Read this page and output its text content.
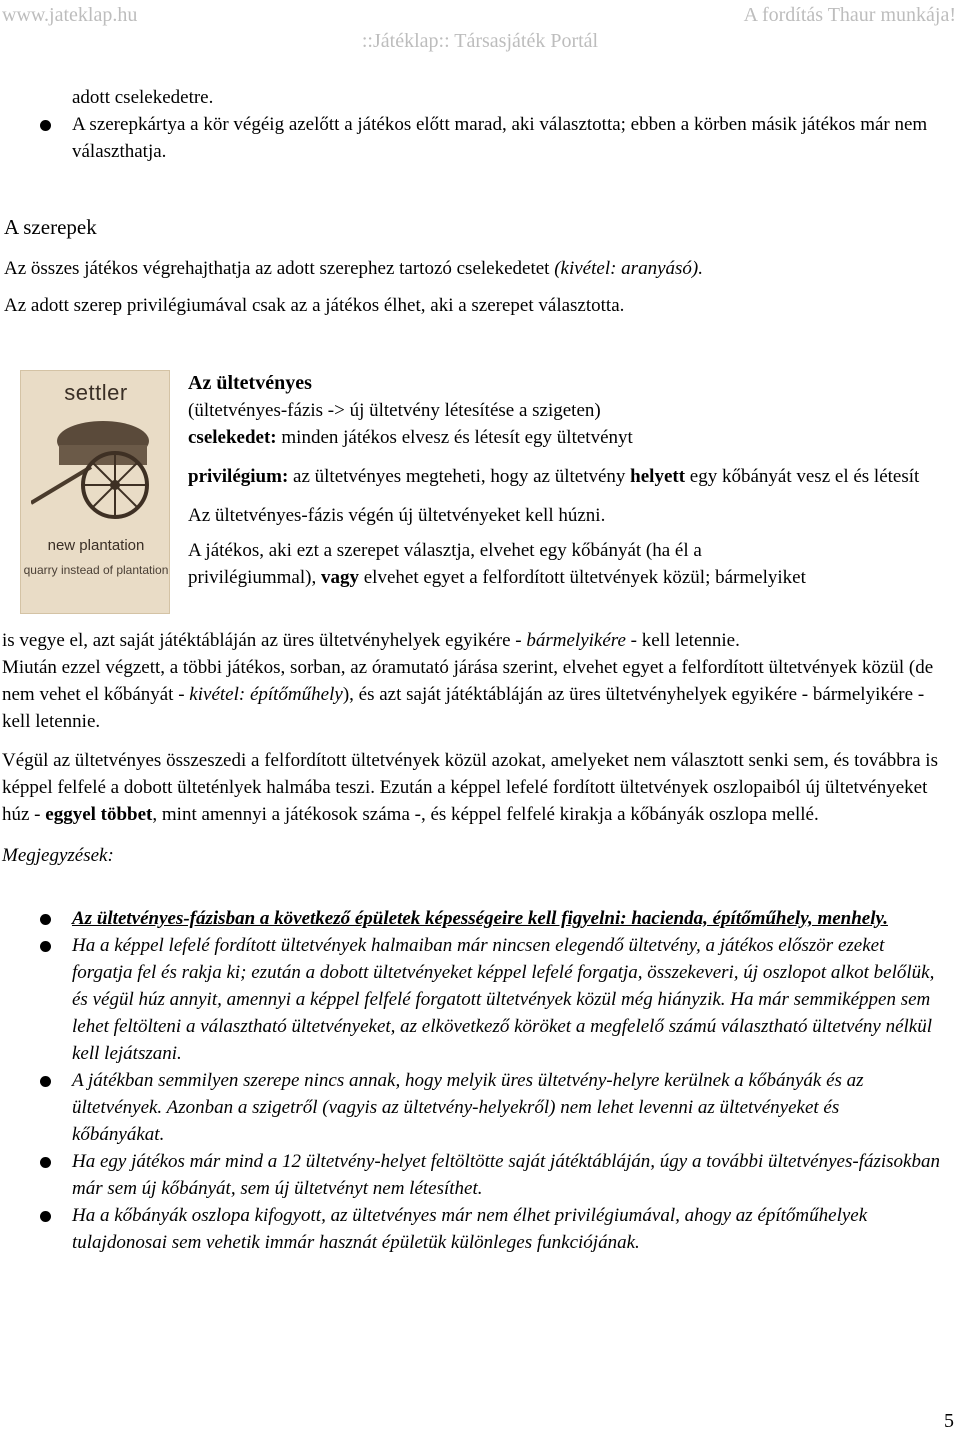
www.jateklap.hu	A fordítás Thaur munkája!
::Játéklap:: Társasjáték Portál
adott cselekedetre.
A szerepkártya a kör végéig azelőtt a játékos előtt marad, aki választotta; ebben a körben másik játékos már nem választhatja.

A szerepek

Az összes játékos végrehajthatja az adott szerephez tartozó cselekedetet (kivétel: aranyásó).

Az adott szerep privilégiumával csak az a játékos élhet, aki a szerepet választotta.

settler
new plantation
quarry instead of plantation

Az ültetvényes

(ültetvényes-fázis -> új ültetvény létesítése a szigeten)

cselekedet: minden játékos elvesz és létesít egy ültetvényt

privilégium: az ültetvényes megteheti, hogy az ültetvény helyett egy kőbányát vesz el és létesít

Az ültetvényes-fázis végén új ültetvényeket kell húzni.

A játékos, aki ezt a szerepet választja, elvehet egy kőbányát (ha él a

privilégiummal), vagy elvehet egyet a felfordított ültetvények közül; bármelyiket

is vegye el, azt saját játéktábláján az üres ültetvényhelyek egyikére - bármelyikére - kell letennie.

Miután ezzel végzett, a többi játékos, sorban, az óramutató járása szerint, elvehet egyet a felfordított ültetvények közül (de nem vehet el kőbányát - kivétel: építőműhely), és azt saját játéktábláján az üres ültetvényhelyek egyikére - bármelyikére - kell letennie.

Végül az ültetvényes összeszedi a felfordított ültetvények közül azokat, amelyeket nem választott senki sem, és továbbra is képpel felfelé a dobott ülteténlyek halmába teszi. Ezután a képpel lefelé fordított ültetvények oszlopaiból új ültetvényeket húz - eggyel többet, mint amennyi a játékosok száma -, és képpel felfelé kirakja a kőbányák oszlopa mellé.

Megjegyzések:

Az ültetvényes-fázisban a következő épületek képességeire kell figyelni: hacienda, építőműhely, menhely.
Ha a képpel lefelé fordított ültetvények halmaiban már nincsen elegendő ültetvény, a játékos először ezeket forgatja fel és rakja ki; ezután a dobott ültetvényeket képpel lefelé forgatja, összekeveri, új oszlopot alkot belőlük, és végül húz annyit, amennyi a képpel felfelé forgatott ültetvények közül még hiányzik. Ha már semmiképpen sem lehet feltölteni a választható ültetvényeket, az elkövetkező köröket a megfelelő számú választható ültetvény nélkül kell lejátszani.
A játékban semmilyen szerepe nincs annak, hogy melyik üres ültetvény-helyre kerülnek a kőbányák és az ültetvények. Azonban a szigetről (vagyis az ültetvény-helyekről) nem lehet levenni az ültetvényeket és kőbányákat.
Ha egy játékos már mind a 12 ültetvény-helyet feltöltötte saját játéktábláján, úgy a további ültetvényes-fázisokban már sem új kőbányát, sem új ültetvényt nem létesíthet.
Ha a kőbányák oszlopa kifogyott, az ültetvényes már nem élhet privilégiumával, ahogy az építőműhelyek tulajdonosai sem vehetik immár hasznát épületük különleges funkciójának.
5
